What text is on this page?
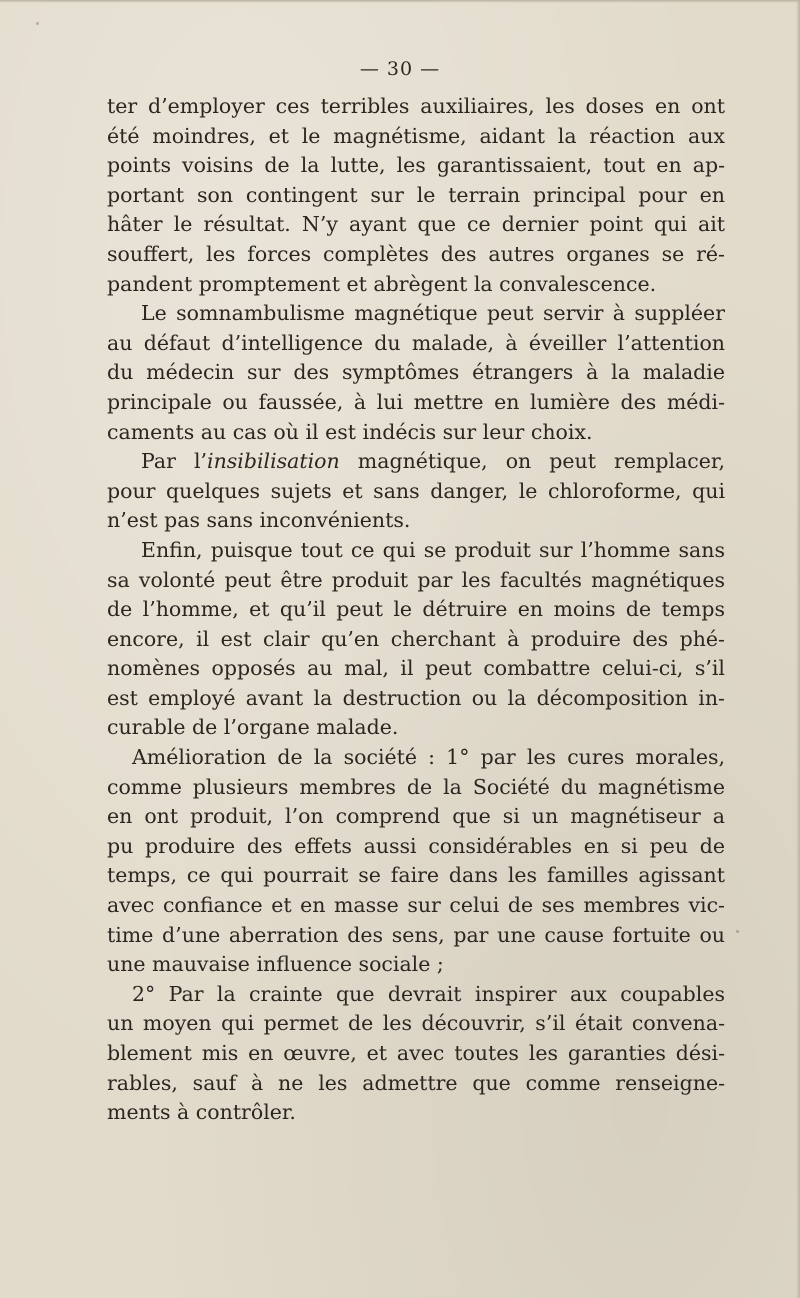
— 30 —
ter d’employer ces terribles auxiliaires, les doses en ont
été moindres, et le magnétisme, aidant la réaction aux
points voisins de la lutte, les garantissaient, tout en ap-
portant son contingent sur le terrain principal pour en
hâter le résultat. N’y ayant que ce dernier point qui ait
souffert, les forces complètes des autres organes se ré-
pandent promptement et abrègent la convalescence.
Le somnambulisme magnétique peut servir à suppléer
au défaut d’intelligence du malade, à éveiller l’attention
du médecin sur des symptômes étrangers à la maladie
principale ou faussée, à lui mettre en lumière des médi-
caments au cas où il est indécis sur leur choix.
Par l’insibilisation magnétique, on peut remplacer,
pour quelques sujets et sans danger, le chloroforme, qui
n’est pas sans inconvénients.
Enfin, puisque tout ce qui se produit sur l’homme sans
sa volonté peut être produit par les facultés magnétiques
de l’homme, et qu’il peut le détruire en moins de temps
encore, il est clair qu’en cherchant à produire des phé-
nomènes opposés au mal, il peut combattre celui-ci, s’il
est employé avant la destruction ou la décomposition in-
curable de l’organe malade.
Amélioration de la société : 1° par les cures morales,
comme plusieurs membres de la Société du magnétisme
en ont produit, l’on comprend que si un magnétiseur a
pu produire des effets aussi considérables en si peu de
temps, ce qui pourrait se faire dans les familles agissant
avec confiance et en masse sur celui de ses membres vic-
time d’une aberration des sens, par une cause fortuite ou
une mauvaise influence sociale ;
2° Par la crainte que devrait inspirer aux coupables
un moyen qui permet de les découvrir, s’il était convena-
blement mis en œuvre, et avec toutes les garanties dési-
rables, sauf à ne les admettre que comme renseigne-
ments à contrôler.
